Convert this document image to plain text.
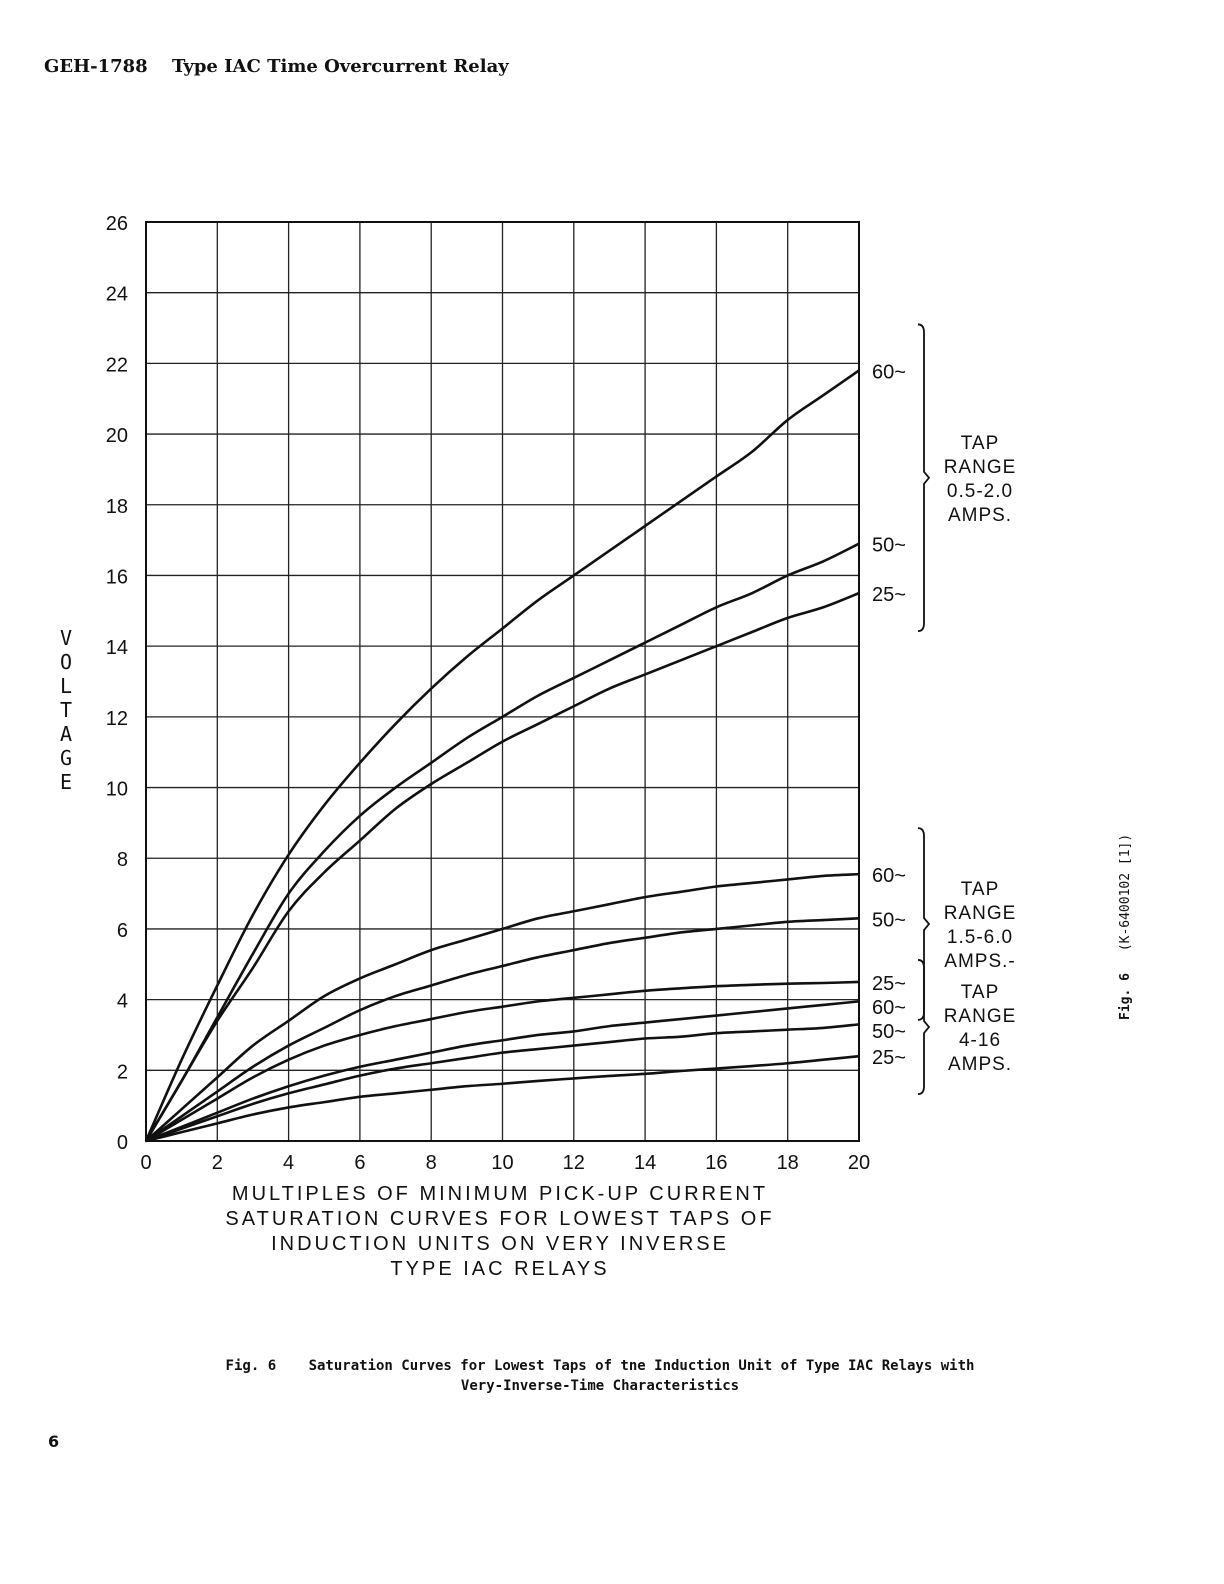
GEH-1788 Type IAC Time Overcurrent Relay
0	2	4	6	8	10 12 14 16 18 20
0
2
4
6
8
10
12
14
16
18
20
22
24
26
60~
50~
25~
60~
50~
25~
60~
50~
25~
TAP
RANGE
0.5-2.0
AMPS.
TAP
RANGE
1.5-6.0
AMPS.-
TAP
RANGE
4-16
AMPS.
V
O
L
T
A
G
E
MULTIPLES OF MINIMUM PICK-UP CURRENT
SATURATION CURVES FOR LOWEST TAPS OF
INDUCTION UNITS ON VERY INVERSE
TYPE IAC RELAYS
Fig. 6 Saturation Curves for Lowest Taps of tne Induction Unit of Type IAC Relays with
Very-Inverse-Time Characteristics
Fig. 6 (K-6400102 [1])
6
